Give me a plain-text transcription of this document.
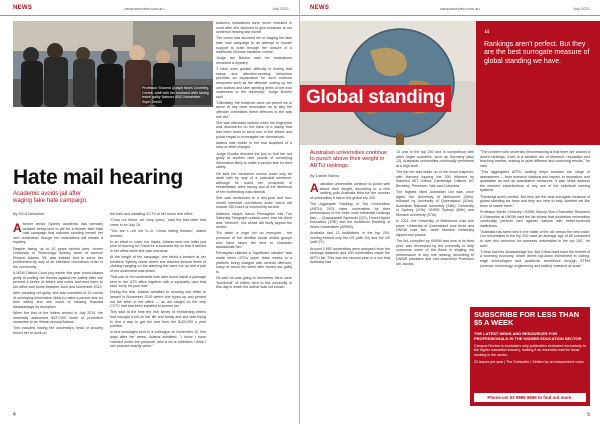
NEWS	campusreview.com.au	July 2021
Professor Shanna Quayle faces Coventry, Centre, staff with her husband after facing trabel gaitty Natures ABC Newsletter · Suprt Tewhli

Adams's motivations were never revealed in court after she declined to give evidence at her sentence hearing last month.

The crown had accused her of waging the fake hate mail campaign in an attempt to muster support to push through the closure of a traditional Chinese medicine course.

Judge Ian Bourke said her motivations remained a mystery.

"I have even greater difficulty in finding that stress and attention-seeking behaviour provides an explanation for such extreme measures such as the offender cutting up her own clothes and later sending items of her own underwear to the university," Judge Bourke said.

"Ultimately, the evidence does not permit me to arrive at any clear conclusion as to why the offender committed these offences in the way she did."

She was ultimately undone when her fingerprint was discovered on the back of a stamp that had been used to send one of the letters and police began to investigate her themselves.

Adams was visible in her trial acquitted of a slew of other charges.

Judge Bourke directed the jury to find her not guilty of another nine counts of conveying information likely to make a person fear for their safety.

He said her behaviour unless could only be dealt with by way of a custodial sentence, although he noted her prospects of rehabilitation were strong and at the likelihood of her reoffending was minimal.

She was sentenced to a two-year and two-month intensive corrections order, which will include 150 hours of community service.

Adams's lawyer Aaron Remaghan told The Saturday Telegraph outside court that his client was "relieved", but would still likely appeal the verdict.

"It's taken a huge toll on everyone... the pressure of the devilish social media groups who have taken the time to character assassinate her."

Remaghan claimed a "significant mistake" was made when UTS's super three weeks in a platform being charged with several offences, many of which the week later turned out guilty is.

He said he was going to remember there were "hundreds" of letters sent to the university in this day in which the author was not known.

Hate mail hearing
Academic avoids jail after waging fake hate campaign.
By NCA Newsline

A former senior Sydney academic has narrowly avoided being sent to jail for a bizarre fake hate mail campaign that included sending herself her own underwear, though her motivations will remain a mystery.

Despite facing up to 10 years behind bars, former University of Technology Sydney dean of science Eleanor Adams, 55, was instead told to serve her punishment by way of an intensive corrections order in the community.

A NSW District Court jury earlier this year found Adams guilty of mailing her threats against her safety after she penned a series of letters and notes and sent them to her office and home between June and November 2019.

After pleading not guilty, she was convicted of 12 counts of conveying information likely to make a person fear for their safety and one count of causing financial disadvantage by deception.

When the first of the letters arrived in July 2019, the university authorised $127,000 worth of protective measures to be thrown around Adams.

This included having the university's head of security escort her to work on

the train and installing CCTV at her home and office.

"Chop out future, we chop yours," said the first letter that came in on July 15.

"You are f—ed not b—h. China hating lesbian," stated another.

In an effort to cover her tracks, Adams sent one letter just prior to leaving for China for a business trip so that it arrived in her office while she was overseas.

At the height of the campaign, she faked a breakin at her southern Sydney home where she claimed several items of clothing hanging on the washing line were cut up and a pair of her underwear was stolen.

That pair of red underwear was later found inside a package sent to her UTS office together with a sympathy card that said "sorry for your loss".

During the trial, Adams admitted to sending one letter to herself in November 2019 where she typed up and printed out the letter in her office — an act caught on the very CCTV that had been installed to protect her.

This said at the time the real series of threatening letters had wrought a toll on her life and family and she was trying to find a way to get the end from the $120,000 a year position.

In text messages sent to a colleague on November 10, five days after her arrest, Adams admitted: "I know I have crashed under the pressure, also a lot of reflection I think I can pinpoint exactly when."

4
NEWS	campusreview.com.au	July 2021
Global standing
“
Rankings aren't perfect. But they are the best surrogate measure of global standing we have.
Australian universities continue to punch above their weight in ARTU rankings.
By Daniel Barba

Australian universities continue to punch well above their weight, according to a new ranking puts Australia third for the number of universities it has in the global top 200.

The Aggregate Ranking of Top Universities (ARTU) 2021 rates universities by their performance in the three most influential rankings lists — Quacquarelli Symonds (QS), Times Higher Education (THE) and the Academic Ranking of World Universities (ARWU).

Australia had 13 institutions in the top 200, coming behind only the US (with 54) and the UK (with 27).

Around 2,952 universities were analysed from the rankings datasets and 400 universities made the ARTU list. This was the second year in a row that Australia had

13 unis in the top 200 and in comparison with other larger countries, such as Germany (also 13), Australian universities continually performed at a high level.

The top ten was made up of the usual suspects, with Harvard topping the 200 followed by Stanford, MIT, Oxford, Cambridge, Caltech, UC Berkeley, Princeton, Yale and Columbia.

The highest rated Australian Uni was, once again, the University of Melbourne (28th), followed by University of Queensland (42nd), Australian National University (44th), University of Sydney (47th), UNSW Sydney (50th) and Monash University (57th).

In 2021, the University of Melbourne rose one place, University of Queensland rose three and UNSW rose two, while Monash University slipped two places.

The list, compiled by UNSW and now in its third year, was developed by the university to help overcome some of the flaws in singling out performance in any one ranking, according to UNSW president and vice-chancellor Professor Ian Jacobs.

"The problem with university benchmarking is that there are around a dozen rankings. Each is a variable mix of research, reputation and teaching metrics, leading to quite different and confusing results," he said.

"This aggregated ARTU ranking helps broaden the range of assessment — from research citations and impact, to reputation, and qualitative as well as quantitative measures. It also helps address the inherent imperfections of any one of the individual ranking systems.

"Rankings aren't perfect. But they are the best surrogate measure of global standing we have and they are here to stay, whether we like them or loathe them."

Professor Merlin Crossley, UNSW Deputy Vice-Chancellor Research & Enterprise at UNSW said the list shows that Australian universities continually perform well against nations with better-financed institutions.

"Australia has fared well in the battle of the old versus the new order. Our universities in the top 200 have an average age of 85 compared to over two centuries for overseas universities in the top 200," he said.

"China has this disadvantage too. But China does have the benefit of a booming economy, which drives top-down investment in cutting-edge technologies and academic excellence through STEM (science, technology, engineering and maths) research at scale."

SUBSCRIBE FOR LESS THAN $5 A WEEK
THE LATEST NEWS AND RESOURCES FOR PROFESSIONALS IN THE HIGHER EDUCATION SECTOR
Campus Review is Australia's only publication dedicated exclusively to the higher education industry, making it an essential read for those working in the sector.
22 issues per year | The Subscribe | Written by an independent voice
Phone us! 02 9986 8666 to find out more.
5
